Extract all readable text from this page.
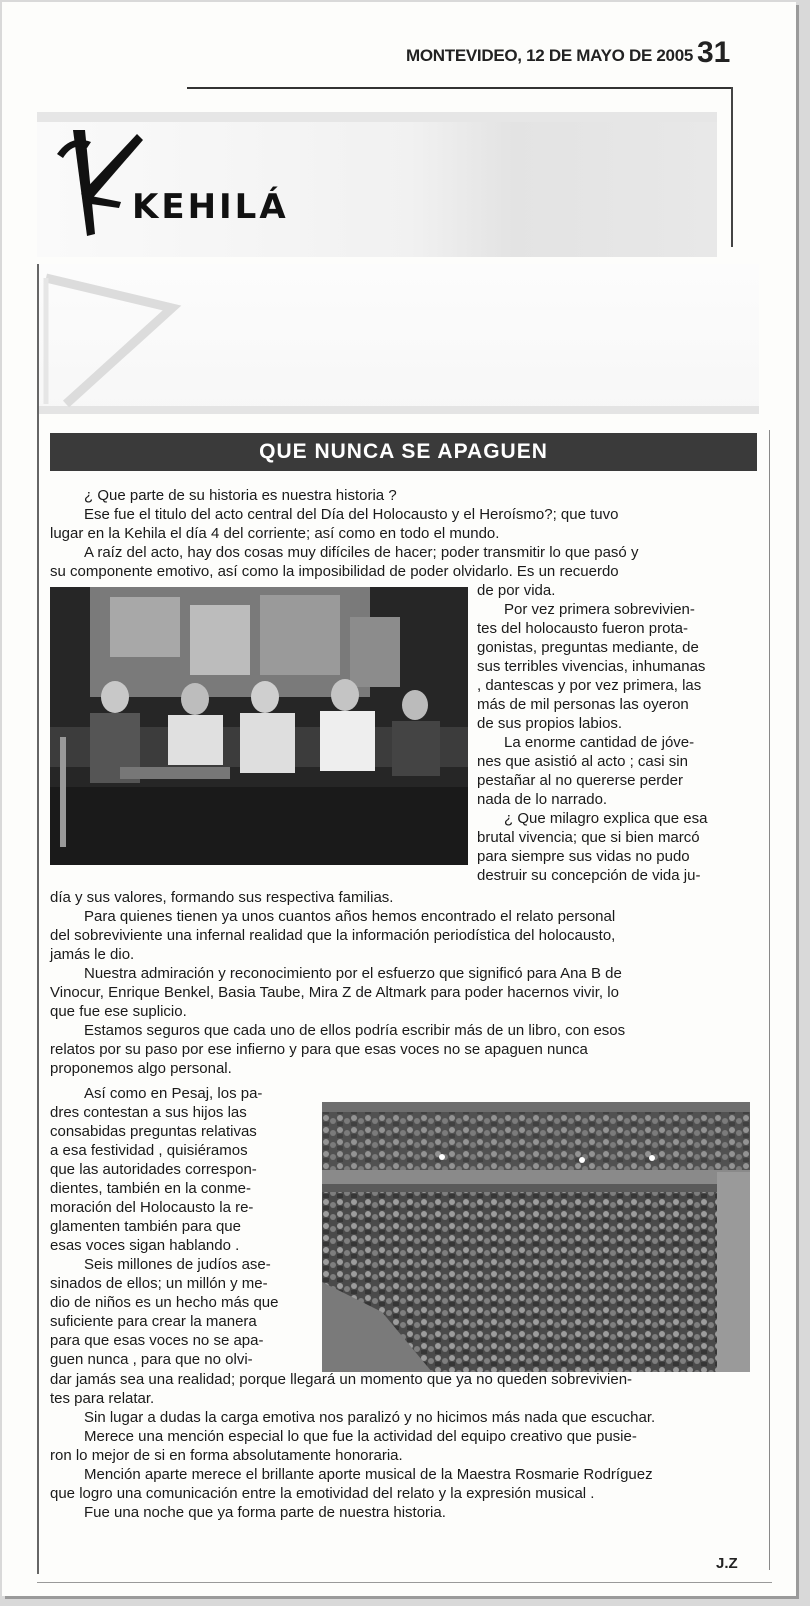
MONTEVIDEO, 12 DE MAYO DE 2005 31
KEHILÁ
QUE NUNCA SE APAGUEN

¿ Que parte de su historia es nuestra historia ?

Ese fue el titulo del acto central del Día del Holocausto y el Heroísmo?; que tuvo

lugar en la Kehila el día 4 del corriente; así como en todo el mundo.

A raíz del acto, hay dos cosas muy difíciles de hacer; poder transmitir lo que pasó y

su componente emotivo, así como la imposibilidad de poder olvidarlo. Es un recuerdo

de por vida.

Por vez primera sobrevivien-

tes del holocausto fueron prota-

gonistas, preguntas mediante, de

sus terribles vivencias, inhumanas

, dantescas y por vez primera, las

más de mil personas las oyeron

de sus propios labios.

La enorme cantidad de jóve-

nes que asistió al acto ; casi sin

pestañar al no quererse perder

nada de lo narrado.

¿ Que milagro explica que esa

brutal vivencia; que si bien marcó

para siempre sus vidas no pudo

destruir su concepción de vida ju-

día y sus valores, formando sus respectiva familias.

Para quienes tienen ya unos cuantos años hemos encontrado el relato personal

del sobreviviente una infernal realidad que la información periodística del holocausto,

jamás le dio.

Nuestra admiración y reconocimiento por el esfuerzo que significó para Ana B de

Vinocur, Enrique Benkel, Basia Taube, Mira Z de Altmark para poder hacernos vivir, lo

que fue ese suplicio.

Estamos seguros que cada uno de ellos podría escribir más de un libro, con esos

relatos por su paso por ese infierno y para que esas voces no se apaguen nunca

proponemos algo personal.

Así como en Pesaj, los pa-

dres contestan a sus hijos las

consabidas preguntas relativas

a esa festividad , quisiéramos

que las autoridades correspon-

dientes, también en la conme-

moración del Holocausto la re-

glamenten también para que

esas voces sigan hablando .

Seis millones de judíos ase-

sinados de ellos; un millón y me-

dio de niños es un hecho más que

suficiente para crear la manera

para que esas voces no se apa-

guen nunca , para que no olvi-

dar jamás sea una realidad; porque llegará un momento que ya no queden sobrevivien-

tes para relatar.

Sin lugar a dudas la carga emotiva nos paralizó y no hicimos más nada que escuchar.

Merece una mención especial lo que fue la actividad del equipo creativo que pusie-

ron lo mejor de si en forma absolutamente honoraria.

Mención aparte merece el brillante aporte musical de la Maestra Rosmarie Rodríguez

que logro una comunicación entre la emotividad del relato y la expresión musical .

Fue una noche que ya forma parte de nuestra historia.

J.Z
